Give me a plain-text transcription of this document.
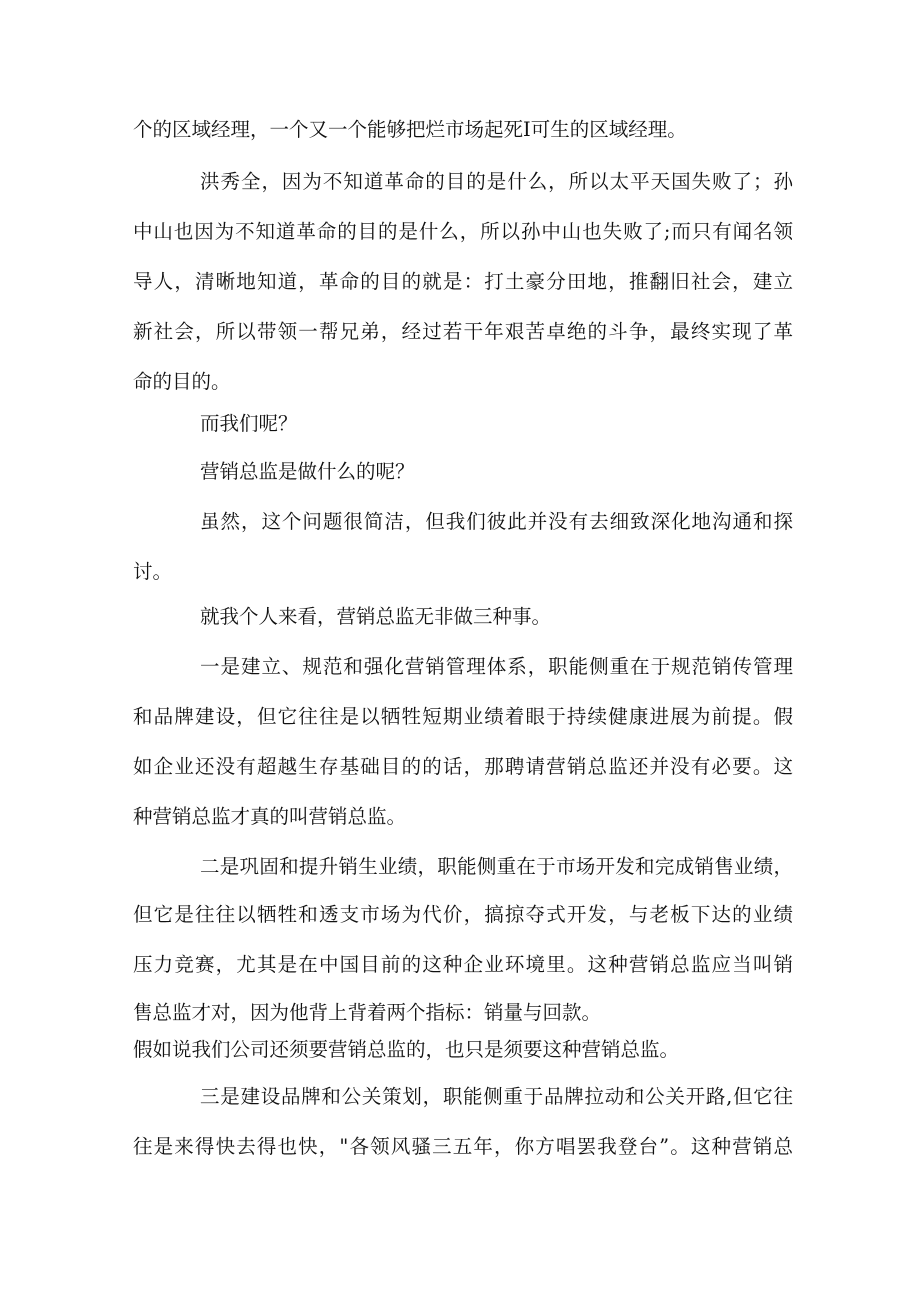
个的区域经理，一个又一个能够把烂市场起死I可生的区域经理。
洪秀全，因为不知道革命的目的是什么，所以太平天国失败了；孙
中山也因为不知道革命的目的是什么，所以孙中山也失败了;而只有闻名领
导人，清晰地知道，革命的目的就是：打土豪分田地，推翻旧社会，建立
新社会，所以带领一帮兄弟，经过若干年艰苦卓绝的斗争，最终实现了革
命的目的。
而我们呢？
营销总监是做什么的呢？
虽然，这个问题很简洁，但我们彼此并没有去细致深化地沟通和探
讨。
就我个人来看，营销总监无非做三种事。
一是建立、规范和强化营销管理体系，职能侧重在于规范销传管理
和品牌建设，但它往往是以牺牲短期业绩着眼于持续健康进展为前提。假
如企业还没有超越生存基础目的的话，那聘请营销总监还并没有必要。这
种营销总监才真的叫营销总监。
二是巩固和提升销生业绩，职能侧重在于市场开发和完成销售业绩，
但它是往往以牺牲和透支市场为代价，搞掠夺式开发，与老板下达的业绩
压力竞赛，尤其是在中国目前的这种企业环境里。这种营销总监应当叫销
售总监才对，因为他背上背着两个指标：销量与回款。
假如说我们公司还须要营销总监的，也只是须要这种营销总监。
三是建设品牌和公关策划，职能侧重于品牌拉动和公关开路,但它往
往是来得快去得也快，"各领风骚三五年，你方唱罢我登台”。这种营销总
